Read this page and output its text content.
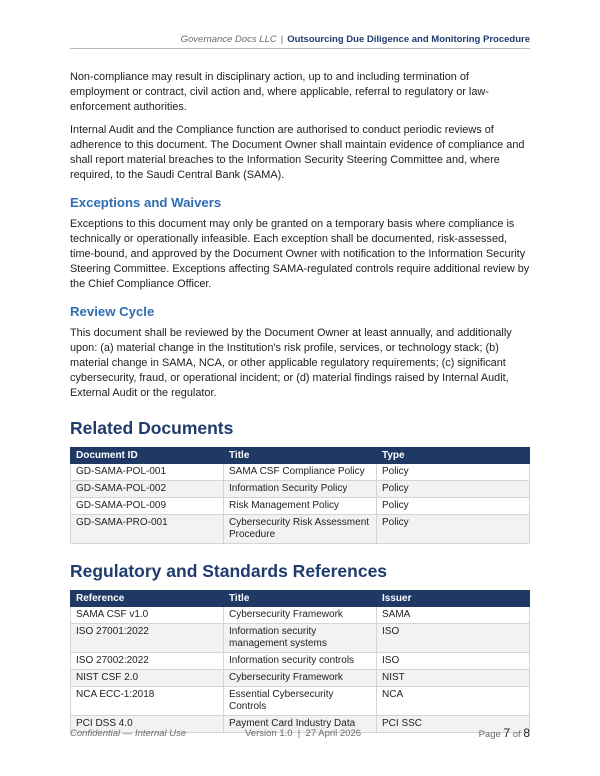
Governance Docs LLC | Outsourcing Due Diligence and Monitoring Procedure

Non-compliance may result in disciplinary action, up to and including termination of employment or contract, civil action and, where applicable, referral to regulatory or law-enforcement authorities.

Internal Audit and the Compliance function are authorised to conduct periodic reviews of adherence to this document. The Document Owner shall maintain evidence of compliance and shall report material breaches to the Information Security Steering Committee and, where required, to the Saudi Central Bank (SAMA).

Exceptions and Waivers

Exceptions to this document may only be granted on a temporary basis where compliance is technically or operationally infeasible. Each exception shall be documented, risk-assessed, time-bound, and approved by the Document Owner with notification to the Information Security Steering Committee. Exceptions affecting SAMA-regulated controls require additional review by the Chief Compliance Officer.

Review Cycle

This document shall be reviewed by the Document Owner at least annually, and additionally upon: (a) material change in the Institution's risk profile, services, or technology stack; (b) material change in SAMA, NCA, or other applicable regulatory requirements; (c) significant cybersecurity, fraud, or operational incident; or (d) material findings raised by Internal Audit, External Audit or the regulator.

Related Documents
Document ID	Title	Type
GD-SAMA-POL-001	SAMA CSF Compliance Policy	Policy
GD-SAMA-POL-002	Information Security Policy	Policy
GD-SAMA-POL-009	Risk Management Policy	Policy
GD-SAMA-PRO-001	Cybersecurity Risk Assessment Procedure	Policy
Regulatory and Standards References
Reference	Title	Issuer
SAMA CSF v1.0	Cybersecurity Framework	SAMA
ISO 27001:2022	Information security management systems	ISO
ISO 27002:2022	Information security controls	ISO
NIST CSF 2.0	Cybersecurity Framework	NIST
NCA ECC-1:2018	Essential Cybersecurity Controls	NCA
PCI DSS 4.0	Payment Card Industry Data	PCI SSC
Confidential — Internal Use	Version 1.0  |  27 April 2026	Page 7 of 8
